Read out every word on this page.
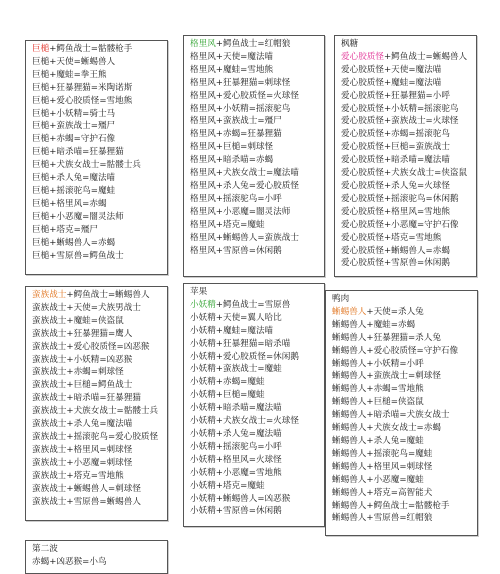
巨槌+鳄鱼战士=骷髅枪手
巨槌+天使=蜥蜴兽人
巨槌+魔蛙=拳王熊
巨槌+狂暴狸猫=米陶诺斯
巨槌+爱心胶质怪=雪地熊
巨槌+小妖精=骑士马
巨槌+蛮族战士=殭尸
巨槌+赤蝎=守护石像
巨槌+暗杀喵=狂暴狸猫
巨槌+犬族女战士=骷髅士兵
巨槌+杀人兔=魔法喵
巨槌+摇滚驼鸟=魔蛙
巨槌+格里风=赤蝎
巨槌+小恶魔=闇灵法师
巨槌+塔克=殭尸
巨槌+蜥蜴兽人=赤蝎
巨槌+雪原兽=鳄鱼战士
格里风+鳄鱼战士=红帽狼
格里风+天使=魔法喵
格里风+魔蛙=雪地熊
格里风+狂暴狸猫=刺球怪
格里风+爱心胶质怪=火球怪
格里风+小妖精=摇滚驼鸟
格里风+蛮族战士=殭尸
格里风+赤蝎=狂暴狸猫
格里风+巨槌=刺球怪
格里风+暗杀喵=赤蝎
格里风+犬族女战士=魔法喵
格里风+杀人兔=爱心胶质怪
格里风+摇滚驼鸟=小呼
格里风+小恶魔=闇灵法师
格里风+塔克=魔蛙
格里风+蜥蜴兽人=蛮族战士
格里风+雪原兽=休闲鹅
枫糖
爱心胶质怪+鳄鱼战士=蜥蜴兽人
爱心胶质怪+天使=魔法喵
爱心胶质怪+魔蛙=魔法喵
爱心胶质怪+狂暴狸猫=小呼
爱心胶质怪+小妖精=摇滚驼鸟
爱心胶质怪+蛮族战士=火球怪
爱心胶质怪+赤蝎=摇滚驼鸟
爱心胶质怪+巨槌=蛮族战士
爱心胶质怪+暗杀喵=魔法喵
爱心胶质怪+犬族女战士=侠盗鼠
爱心胶质怪+杀人兔=火球怪
爱心胶质怪+摇滚驼鸟=休闲鹅
爱心胶质怪+格里风=雪地熊
爱心胶质怪+小恶魔=守护石像
爱心胶质怪+塔克=雪地熊
爱心胶质怪+蜥蜴兽人=赤蝎
爱心胶质怪+雪原兽=休闲鹅
蛮族战士+鳄鱼战士=蜥蜴兽人
蛮族战士+天使=犬族男战士
蛮族战士+魔蛙=侠盗鼠
蛮族战士+狂暴狸猫=鹰人
蛮族战士+爱心胶质怪=凶恶猴
蛮族战士+小妖精=凶恶猴
蛮族战士+赤蝎=刺球怪
蛮族战士+巨槌=鳄鱼战士
蛮族战士+暗杀喵=狂暴狸猫
蛮族战士+犬族女战士=骷髅士兵
蛮族战士+杀人兔=魔法喵
蛮族战士+摇滚驼鸟=爱心胶质怪
蛮族战士+格里风=刺球怪
蛮族战士+小恶魔=刺球怪
蛮族战士+塔克=雪地熊
蛮族战士+蜥蜴兽人=刺球怪
蛮族战士+雪原兽=蜥蜴兽人
苹果
小妖精+鳄鱼战士=雪原兽
小妖精+天使=翼人哈比
小妖精+魔蛙=魔法喵
小妖精+狂暴狸猫=暗杀喵
小妖精+爱心胶质怪=休闲鹅
小妖精+蛮族战士=魔蛙
小妖精+赤蝎=魔蛙
小妖精+巨槌=魔蛙
小妖精+暗杀喵=魔法喵
小妖精+犬族女战士=火球怪
小妖精+杀人兔=魔法喵
小妖精+摇滚驼鸟=小呼
小妖精+格里风=火球怪
小妖精+小恶魔=雪地熊
小妖精+塔克=魔蛙
小妖精+蜥蜴兽人=凶恶猴
小妖精+雪原兽=休闲鹅
鸭肉
蜥蜴兽人+天使=杀人兔
蜥蜴兽人+魔蛙=赤蝎
蜥蜴兽人+狂暴狸猫=杀人兔
蜥蜴兽人+爱心胶质怪=守护石像
蜥蜴兽人+小妖精=小呼
蜥蜴兽人+蛮族战士=刺球怪
蜥蜴兽人+赤蝎=雪地熊
蜥蜴兽人+巨槌=侠盗鼠
蜥蜴兽人+暗杀喵=犬族女战士
蜥蜴兽人+犬族女战士=赤蝎
蜥蜴兽人+杀人兔=魔蛙
蜥蜴兽人+摇滚驼鸟=魔蛙
蜥蜴兽人+格里风=刺球怪
蜥蜴兽人+小恶魔=魔蛙
蜥蜴兽人+塔克=高智能犬
蜥蜴兽人+鳄鱼战士=骷髅枪手
蜥蜴兽人+雪原兽=红帽狼
第二波
赤蝎+凶恶猴=小鸟
